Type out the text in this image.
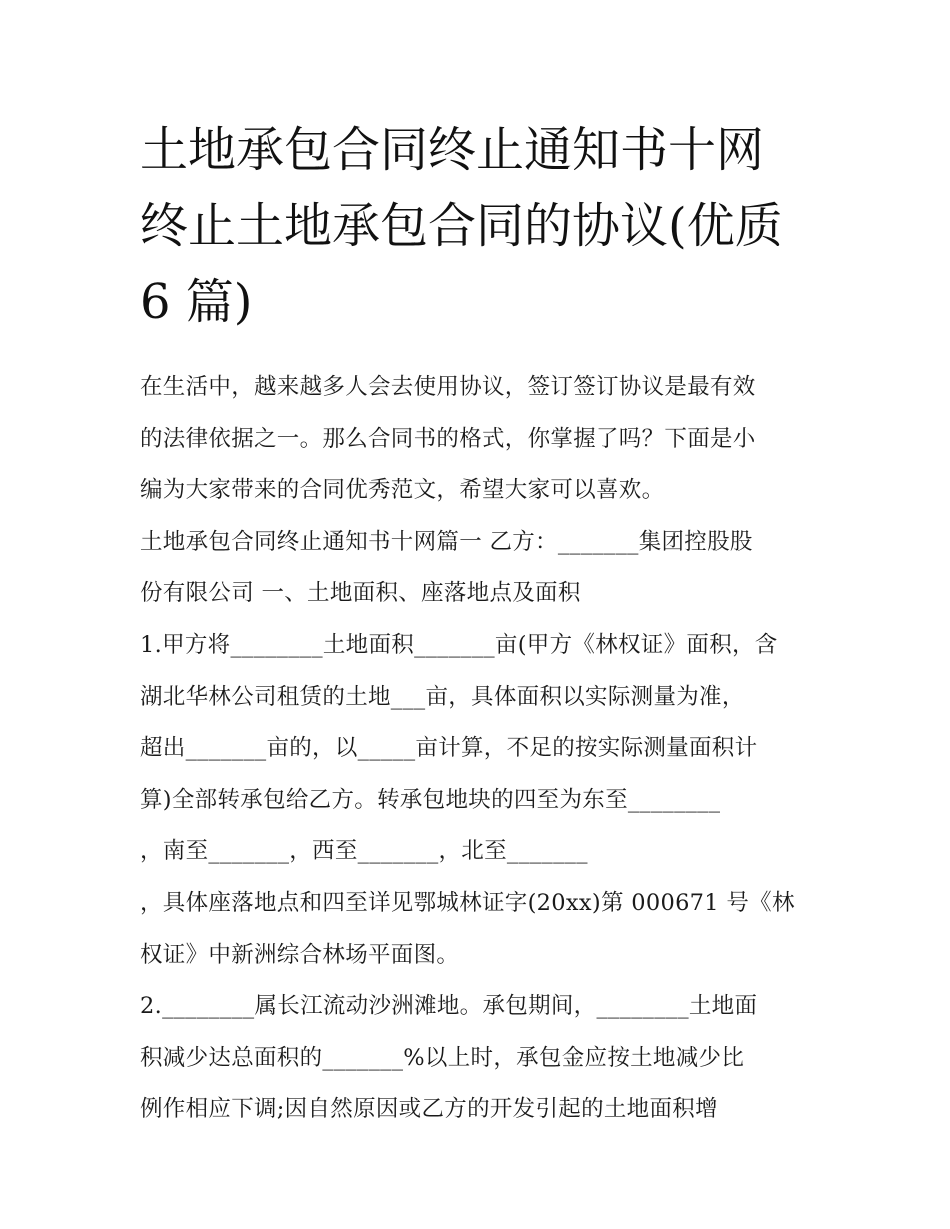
土地承包合同终止通知书十网
终止土地承包合同的协议(优质
6 篇)

在生活中，越来越多人会去使用协议，签订签订协议是最有效
的法律依据之一。那么合同书的格式，你掌握了吗？下面是小
编为大家带来的合同优秀范文，希望大家可以喜欢。

土地承包合同终止通知书十网篇一 乙方：_______集团控股股
份有限公司 一、土地面积、座落地点及面积

1.甲方将________土地面积_______亩(甲方《林权证》面积，含
湖北华林公司租赁的土地___亩，具体面积以实际测量为准，
超出_______亩的，以_____亩计算，不足的按实际测量面积计
算)全部转承包给乙方。转承包地块的四至为东至________

，南至_______，西至_______，北至_______

，具体座落地点和四至详见鄂城林证字(20xx)第 000671 号《林
权证》中新洲综合林场平面图。

2.________属长江流动沙洲滩地。承包期间，________土地面
积减少达总面积的_______%以上时，承包金应按土地减少比
例作相应下调;因自然原因或乙方的开发引起的土地面积增
